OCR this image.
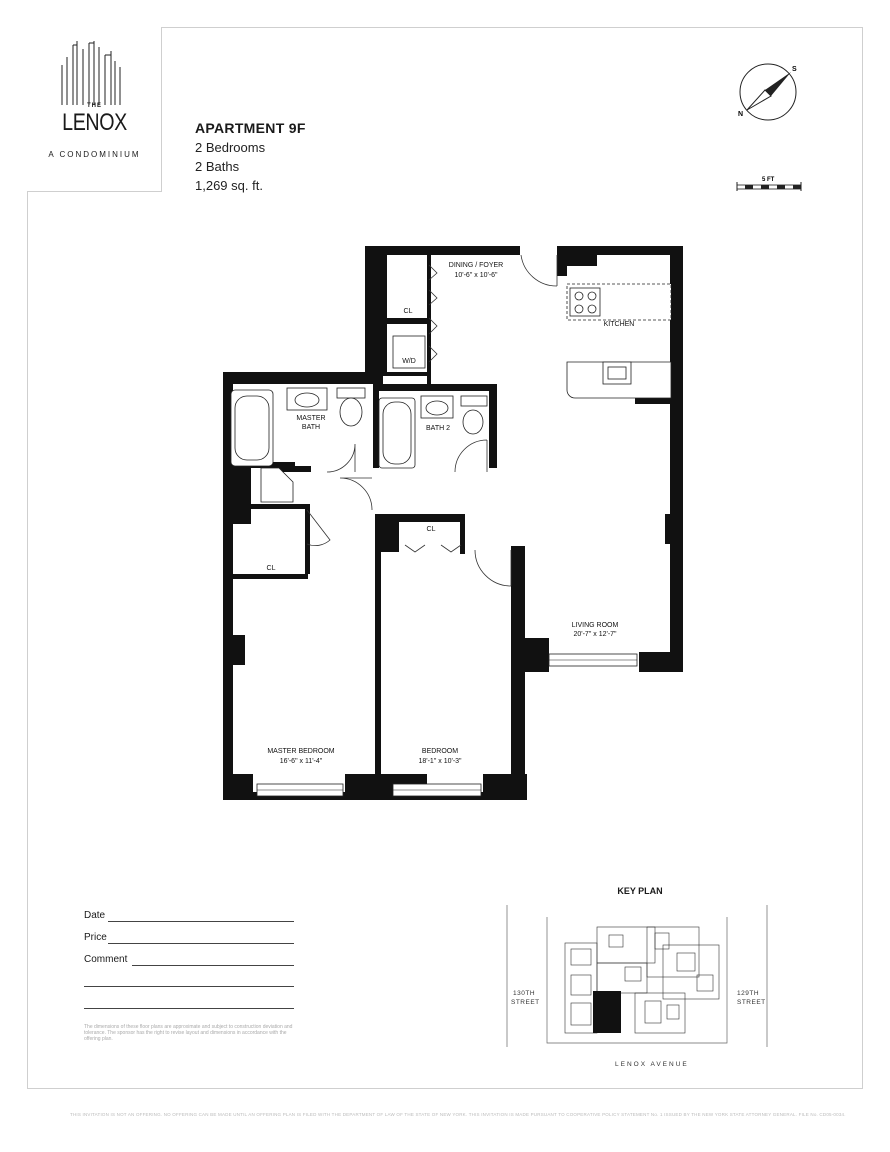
THE
LENOX
A CONDOMINIUM
APARTMENT 9F
2 Bedrooms
2 Baths
1,269 sq. ft.
N
S
5 FT
DINING / FOYER
10'-6" x 10'-6"
KITCHEN
CL
W/D
MASTER
BATH	BATH 2
CL
CL
LIVING ROOM
20'-7" x 12'-7"
MASTER BEDROOM
16'-6" x 11'-4"
BEDROOM
18'-1" x 10'-3"
KEY PLAN
130TH
STREET
129TH
STREET
LENOX AVENUE
Date
Price
Comment
The dimensions of these floor plans are approximate and subject to construction deviation and tolerance. The sponsor has the right to revise layout and dimensions in accordance with the offering plan.
THIS INVITATION IS NOT AN OFFERING. NO OFFERING CAN BE MADE UNTIL AN OFFERING PLAN IS FILED WITH THE DEPARTMENT OF LAW OF THE STATE OF NEW YORK. THIS INVITATION IS MADE PURSUANT TO COOPERATIVE POLICY STATEMENT No. 1 ISSUED BY THE NEW YORK STATE ATTORNEY GENERAL. FILE No. CD05-0034.
